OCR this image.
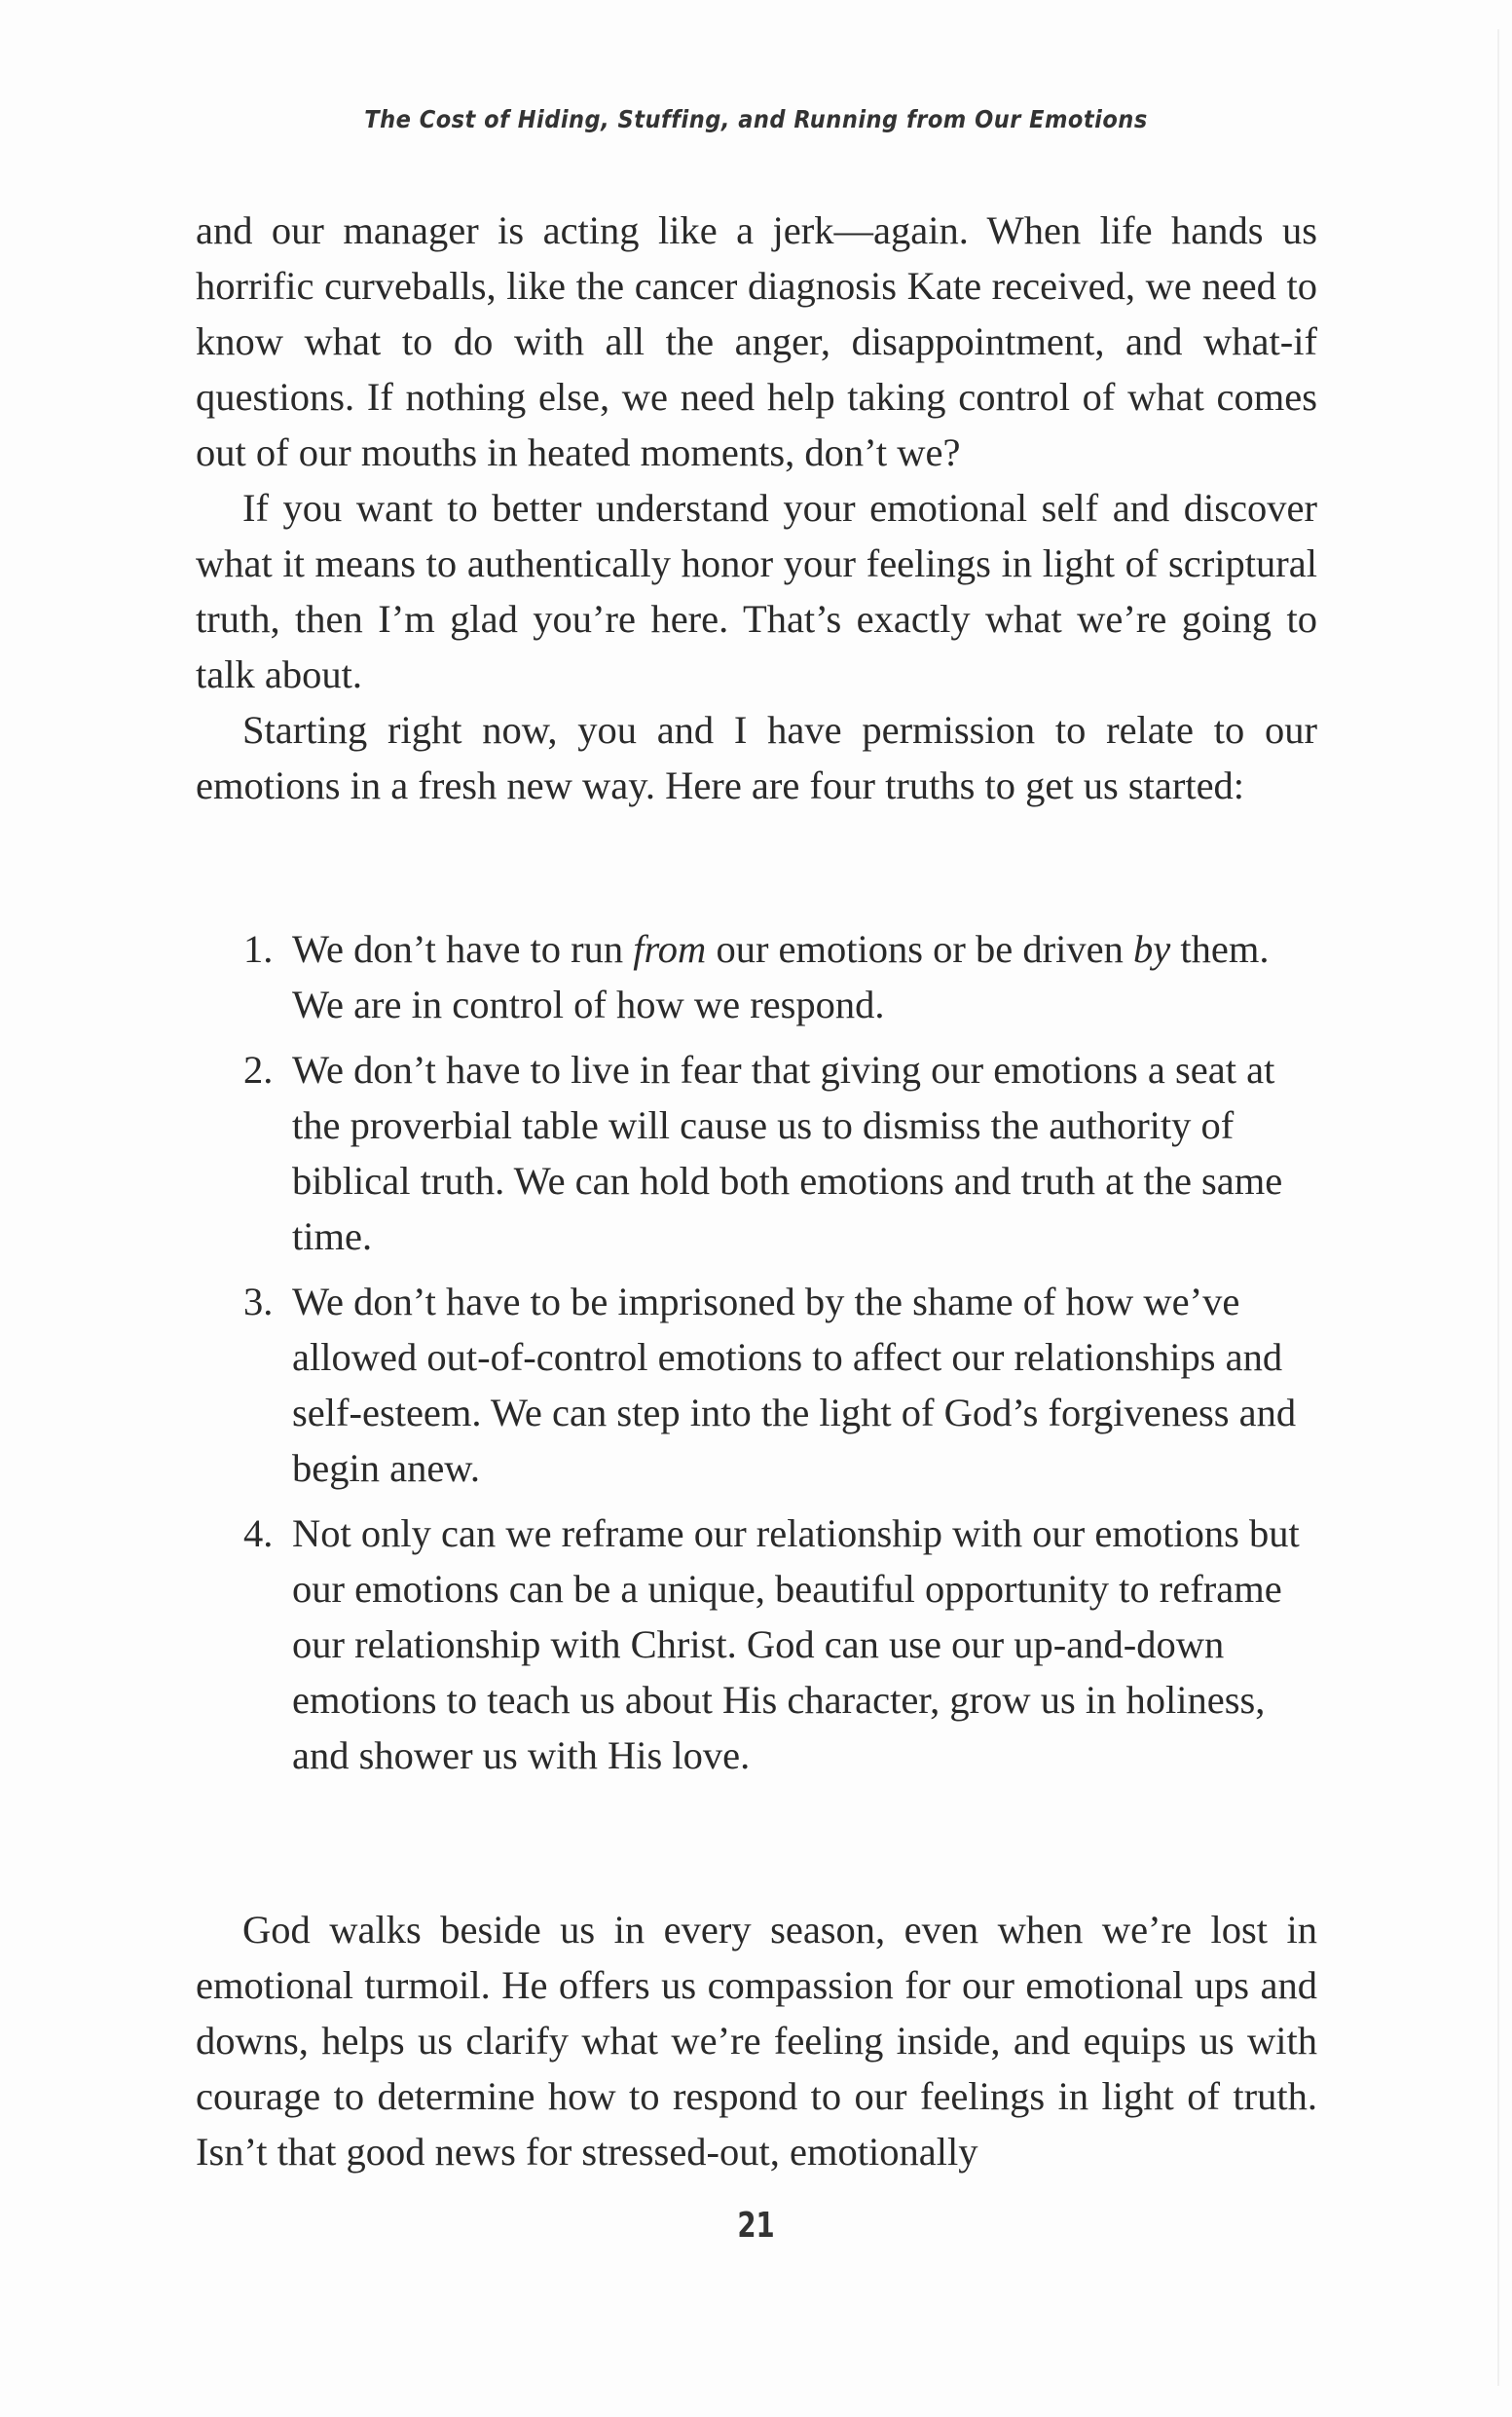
The Cost of Hiding, Stuffing, and Running from Our Emotions

and our manager is acting like a jerk—again. When life hands us horrific curveballs, like the cancer diagnosis Kate received, we need to know what to do with all the anger, disappointment, and what-if questions. If nothing else, we need help taking control of what comes out of our mouths in heated moments, don’t we?

If you want to better understand your emotional self and discover what it means to authentically honor your feelings in light of scriptural truth, then I’m glad you’re here. That’s exactly what we’re going to talk about.

Starting right now, you and I have permission to relate to our emotions in a fresh new way. Here are four truths to get us started:

1. We don’t have to run from our emotions or be driven by them. We are in control of how we respond.
2. We don’t have to live in fear that giving our emotions a seat at the proverbial table will cause us to dismiss the authority of biblical truth. We can hold both emotions and truth at the same time.
3. We don’t have to be imprisoned by the shame of how we’ve allowed out-of-control emotions to affect our relationships and self-esteem. We can step into the light of God’s forgiveness and begin anew.
4. Not only can we reframe our relationship with our emotions but our emotions can be a unique, beautiful opportunity to reframe our relationship with Christ. God can use our up-and-down emotions to teach us about His character, grow us in holiness, and shower us with His love.

God walks beside us in every season, even when we’re lost in emotional turmoil. He offers us compassion for our emotional ups and downs, helps us clarify what we’re feeling inside, and equips us with courage to determine how to respond to our feelings in light of truth. Isn’t that good news for stressed-out, emotionally

21
